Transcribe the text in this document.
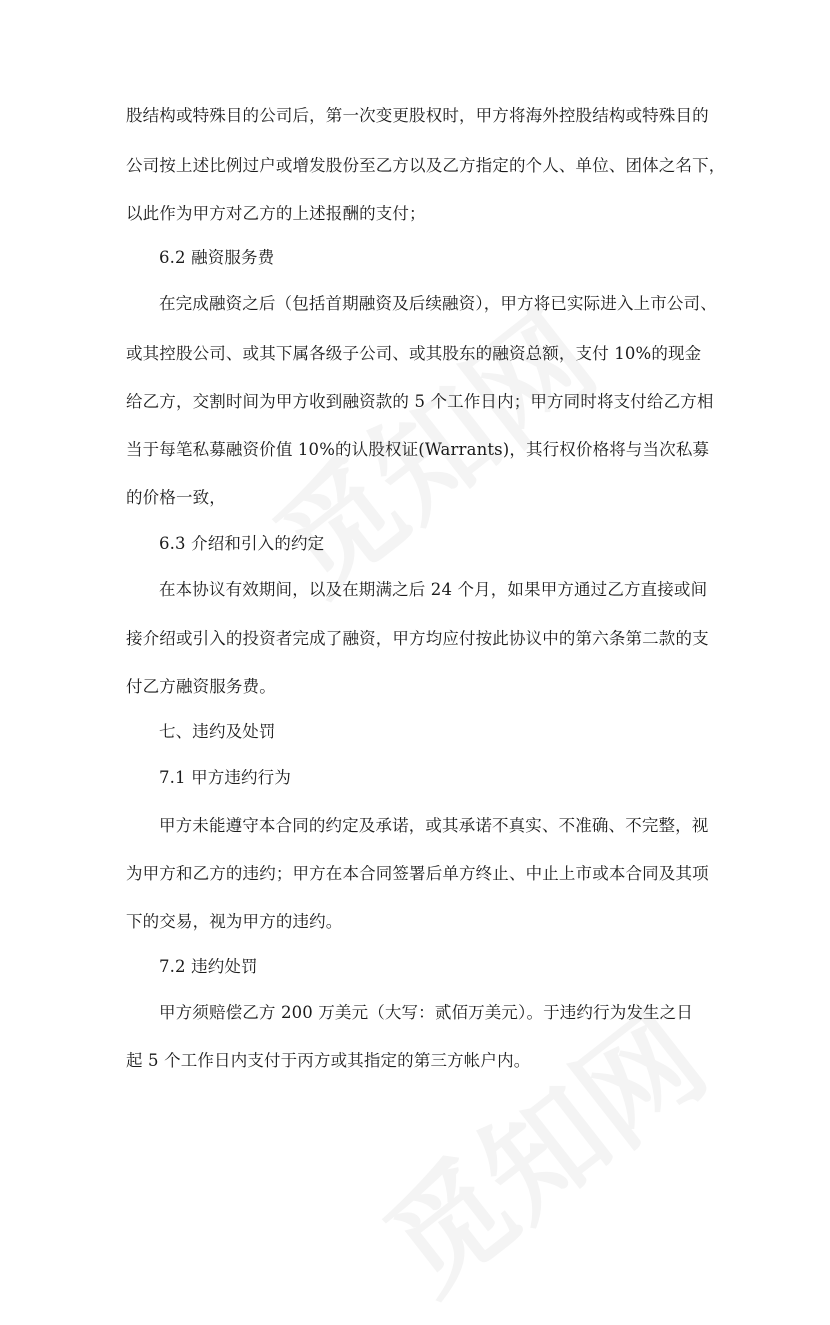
股结构或特殊目的公司后，第一次变更股权时，甲方将海外控股结构或特殊目的
公司按上述比例过户或增发股份至乙方以及乙方指定的个人、单位、团体之名下，
以此作为甲方对乙方的上述报酬的支付；
6.2 融资服务费
在完成融资之后（包括首期融资及后续融资），甲方将已实际进入上市公司、
或其控股公司、或其下属各级子公司、或其股东的融资总额，支付 10%的现金
给乙方，交割时间为甲方收到融资款的 5 个工作日内；甲方同时将支付给乙方相
当于每笔私募融资价值 10%的认股权证(Warrants)，其行权价格将与当次私募
的价格一致，
6.3 介绍和引入的约定
在本协议有效期间，以及在期满之后 24 个月，如果甲方通过乙方直接或间
接介绍或引入的投资者完成了融资，甲方均应付按此协议中的第六条第二款的支
付乙方融资服务费。
七、违约及处罚
7.1 甲方违约行为
甲方未能遵守本合同的约定及承诺，或其承诺不真实、不准确、不完整，视
为甲方和乙方的违约；甲方在本合同签署后单方终止、中止上市或本合同及其项
下的交易，视为甲方的违约。
7.2 违约处罚
甲方须赔偿乙方 200 万美元（大写：贰佰万美元）。于违约行为发生之日
起 5 个工作日内支付于丙方或其指定的第三方帐户内。
